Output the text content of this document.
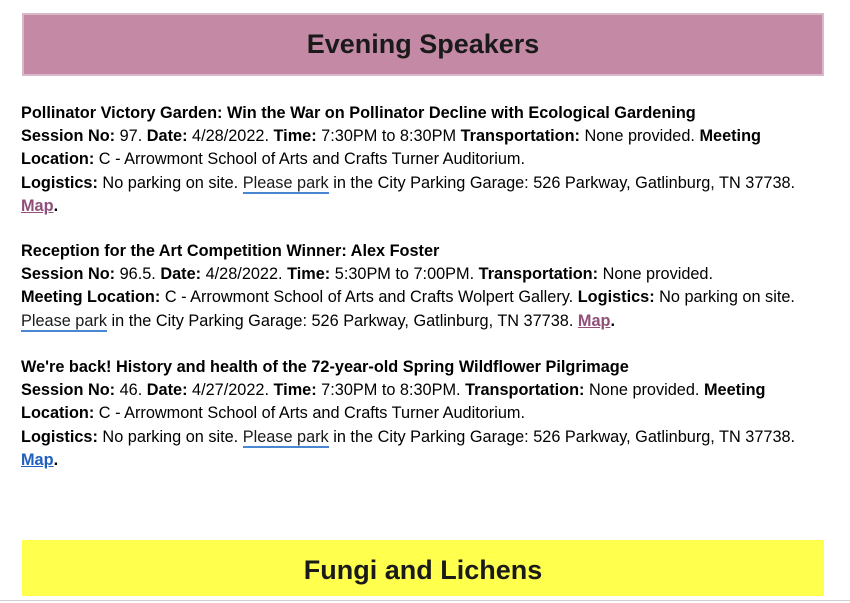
Evening Speakers

Pollinator Victory Garden: Win the War on Pollinator Decline with Ecological Gardening

Session No: 97. Date: 4/28/2022. Time: 7:30PM to 8:30PM Transportation: None provided. Meeting Location: C - Arrowmont School of Arts and Crafts Turner Auditorium.

Logistics: No parking on site. Please park in the City Parking Garage: 526 Parkway, Gatlinburg, TN 37738. Map.

Reception for the Art Competition Winner: Alex Foster

Session No: 96.5. Date: 4/28/2022. Time: 5:30PM to 7:00PM. Transportation: None provided.
Meeting Location: C - Arrowmont School of Arts and Crafts Wolpert Gallery. Logistics: No parking on site. Please park in the City Parking Garage: 526 Parkway, Gatlinburg, TN 37738. Map.

We're back! History and health of the 72-year-old Spring Wildflower Pilgrimage

Session No: 46. Date: 4/27/2022. Time: 7:30PM to 8:30PM. Transportation: None provided. Meeting Location: C - Arrowmont School of Arts and Crafts Turner Auditorium.

Logistics: No parking on site. Please park in the City Parking Garage: 526 Parkway, Gatlinburg, TN 37738. Map.

Fungi and Lichens
